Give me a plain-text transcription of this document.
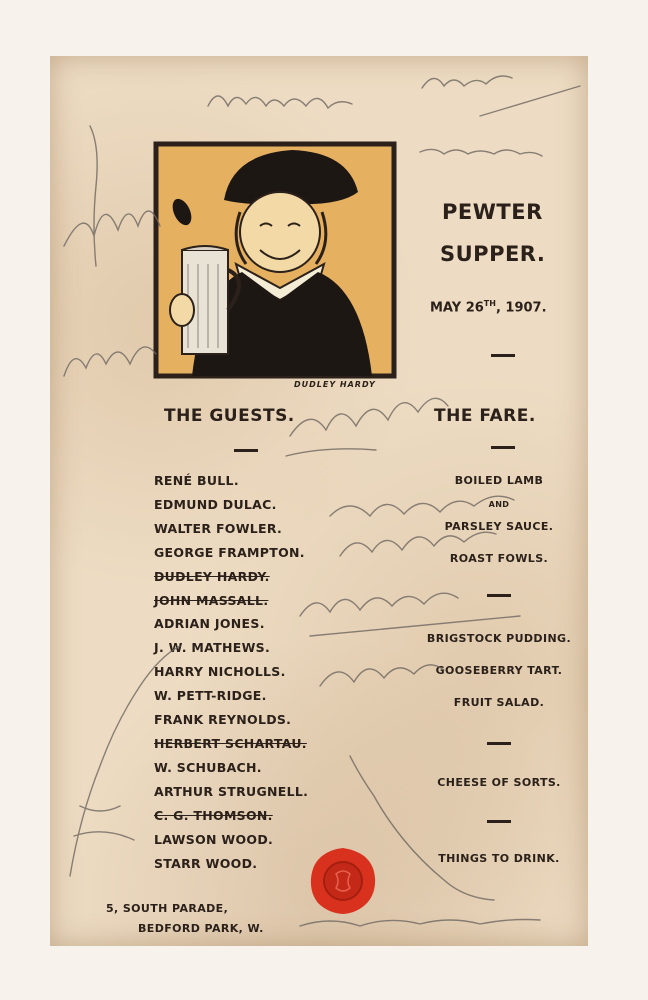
DUDLEY HARDY
PEWTER
SUPPER.
MAY 26TH, 1907.
THE GUESTS.	THE FARE.
RENÉ BULL.
EDMUND DULAC.
WALTER FOWLER.
GEORGE FRAMPTON.
DUDLEY HARDY.
JOHN MASSALL.
ADRIAN JONES.
J. W. MATHEWS.
HARRY NICHOLLS.
W. PETT-RIDGE.
FRANK REYNOLDS.
HERBERT SCHARTAU.
W. SCHUBACH.
ARTHUR STRUGNELL.
C. G. THOMSON.
LAWSON WOOD.
STARR WOOD.
BOILED LAMB
AND
PARSLEY SAUCE.
ROAST FOWLS.
BRIGSTOCK PUDDING.
GOOSEBERRY TART.
FRUIT SALAD.
CHEESE OF SORTS.
THINGS TO DRINK.
5, SOUTH PARADE,
BEDFORD PARK, W.
